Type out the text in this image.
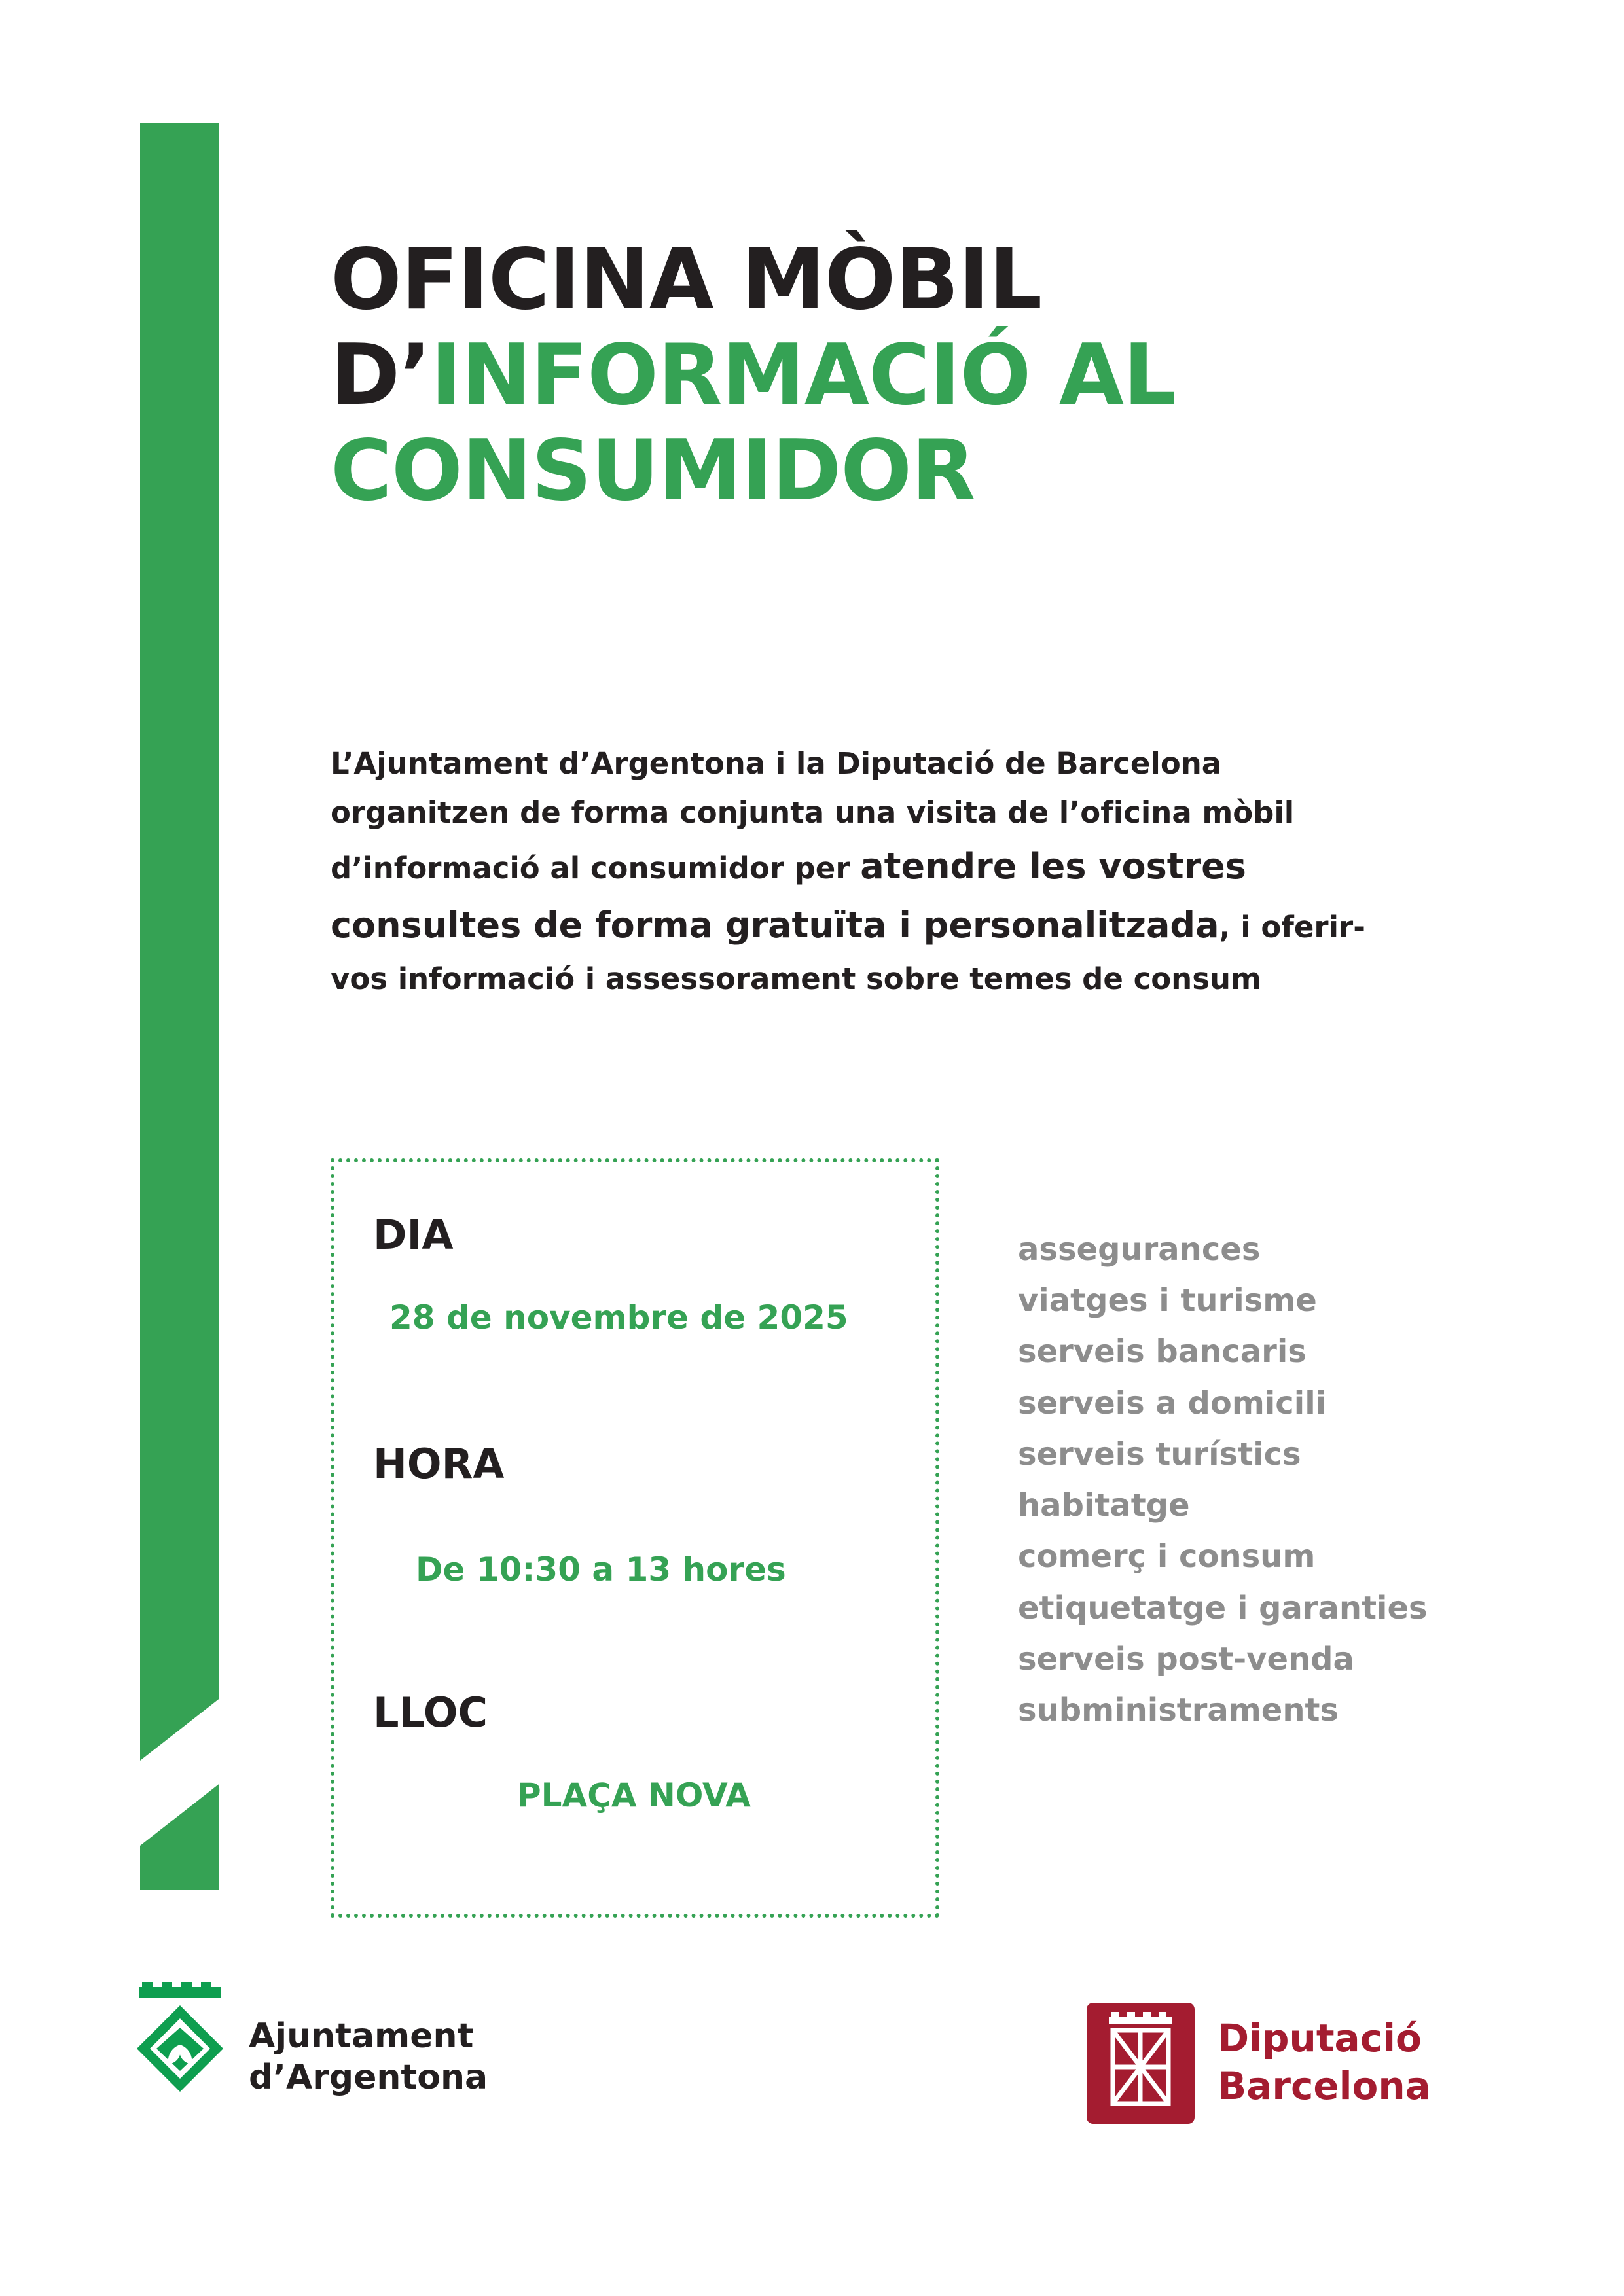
OFICINA MÒBIL
D’INFORMACIÓ AL
CONSUMIDOR
L’Ajuntament d’Argentona i la Diputació de Barcelona organitzen de forma conjunta una visita de l’oficina mòbil d’informació al consumidor per atendre les vostres consultes de forma gratuïta i personalitzada, i oferir-vos informació i assessorament sobre temes de consum
DIA
28 de novembre de 2025
HORA
De 10:30 a 13 hores
LLOC
PLAÇA NOVA
assegurances
viatges i turisme
serveis bancaris
serveis a domicili
serveis turístics
habitatge
comerç i consum
etiquetatge i garanties
serveis post-venda
subministraments
Ajuntament
d’Argentona
Diputació
Barcelona
